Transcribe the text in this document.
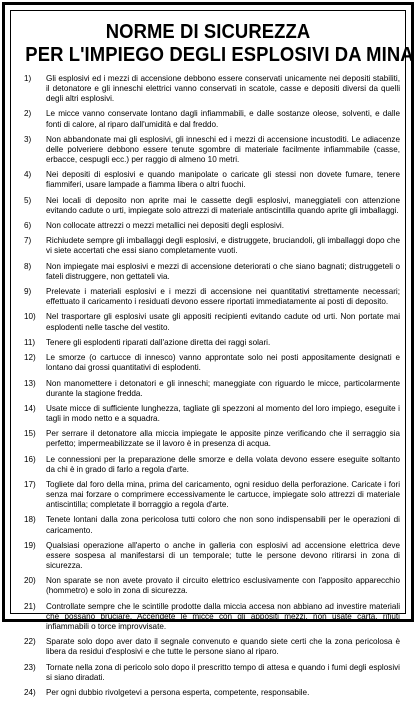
NORME DI SICUREZZA
PER L'IMPIEGO DEGLI ESPLOSIVI DA MINA
1)	Gli esplosivi ed i mezzi di accensione debbono essere conservati unicamente nei depositi stabiliti, il detonatore e gli inneschi elettrici vanno conservati in scatole, casse e depositi diversi da quelli degli altri esplosivi.
2)	Le micce vanno conservate lontano dagli infiammabili, e dalle sostanze oleose, solventi, e dalle fonti di calore, al riparo dall'umidità e dal freddo.
3)	Non abbandonate mai gli esplosivi, gli inneschi ed i mezzi di accensione incustoditi. Le adiacenze delle polveriere debbono essere tenute sgombre di materiale facilmente infiammabile (casse, erbacce, cespugli ecc.) per raggio di almeno 10 metri.
4)	Nei depositi di esplosivi e quando manipolate o caricate gli stessi non dovete fumare, tenere fiammiferi, usare lampade a fiamma libera o altri fuochi.
5)	Nei locali di deposito non aprite mai le cassette degli esplosivi, maneggiateli con attenzione evitando cadute o urti, impiegate solo attrezzi di materiale antiscintilla quando aprite gli imballaggi.
6)	Non collocate attrezzi o mezzi metallici nei depositi degli esplosivi.
7)	Richiudete sempre gli imballaggi degli esplosivi, e distruggete, bruciandoli, gli imballaggi dopo che vi siete accertati che essi siano completamente vuoti.
8)	Non impiegate mai esplosivi e mezzi di accensione deteriorati o che siano bagnati; distruggeteli o fateli distruggere, non gettateli via.
9)	Prelevate i materiali esplosivi e i mezzi di accensione nei quantitativi strettamente necessari; effettuato il caricamento i residuati devono essere riportati immediatamente ai posti di deposito.
10)	Nel trasportare gli esplosivi usate gli appositi recipienti evitando cadute od urti. Non portate mai esplodenti nelle tasche del vestito.
11)	Tenere gli esplodenti riparati dall'azione diretta dei raggi solari.
12)	Le smorze (o cartucce di innesco) vanno approntate solo nei posti appositamente designati e lontano dai grossi quantitativi di esplodenti.
13)	Non manomettere i detonatori e gli inneschi; maneggiate con riguardo le micce, particolarmente durante la stagione fredda.
14)	Usate micce di sufficiente lunghezza, tagliate gli spezzoni al momento del loro impiego, eseguite i tagli in modo netto e a squadra.
15)	Per serrare il detonatore alla miccia impiegate le apposite pinze verificando che il serraggio sia perfetto; impermeabilizzate se il lavoro è in presenza di acqua.
16)	Le connessioni per la preparazione delle smorze e della volata devono essere eseguite soltanto da chi è in grado di farlo a regola d'arte.
17)	Togliete dal foro della mina, prima del caricamento, ogni residuo della perforazione. Caricate i fori senza mai forzare o comprimere eccessivamente le cartucce, impiegate solo attrezzi di materiale antiscintilla; completate il borraggio a regola d'arte.
18)	Tenete lontani dalla zona pericolosa tutti coloro che non sono indispensabili per le operazioni di caricamento.
19)	Qualsiasi operazione all'aperto o anche in galleria con esplosivi ad accensione elettrica deve essere sospesa al manifestarsi di un temporale; tutte le persone devono ritirarsi in zona di sicurezza.
20)	Non sparate se non avete provato il circuito elettrico esclusivamente con l'apposito apparecchio (hommetro) e solo in zona di sicurezza.
21)	Controllate sempre che le scintille prodotte dalla miccia accesa non abbiano ad investire materiali che possano bruciare. Accendete le micce con gli appositi mezzi, non usate carta, rifiuti infiammabili o torce improvvisate.
22)	Sparate solo dopo aver dato il segnale convenuto e quando siete certi che la zona pericolosa è libera da residui d'esplosivi e che tutte le persone siano al riparo.
23)	Tornate nella zona di pericolo solo dopo il prescritto tempo di attesa e quando i fumi degli esplosivi si siano diradati.
24)	Per ogni dubbio rivolgetevi a persona esperta, competente, responsabile.
